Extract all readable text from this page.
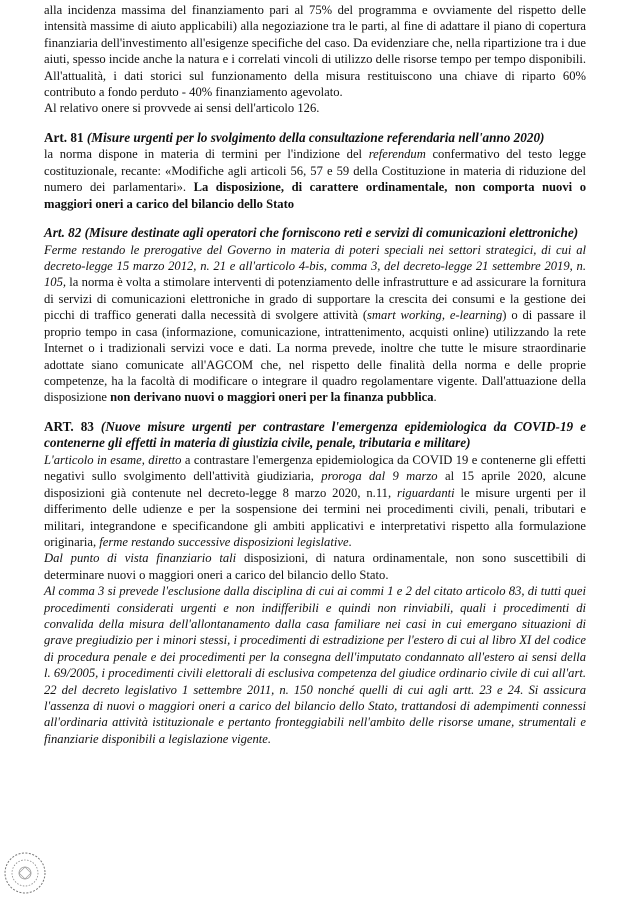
alla incidenza massima del finanziamento pari al 75% del programma e ovviamente del rispetto delle intensità massime di aiuto applicabili) alla negoziazione tra le parti, al fine di adattare il piano di copertura finanziaria dell'investimento all'esigenze specifiche del caso. Da evidenziare che, nella ripartizione tra i due aiuti, spesso incide anche la natura e i correlati vincoli di utilizzo delle risorse tempo per tempo disponibili. All'attualità, i dati storici sul funzionamento della misura restituiscono una chiave di riparto 60% contributo a fondo perduto - 40% finanziamento agevolato.

Al relativo onere si provvede ai sensi dell'articolo 126.

Art. 81 (Misure urgenti per lo svolgimento della consultazione referendaria nell'anno 2020)

la norma dispone in materia di termini per l'indizione del referendum confermativo del testo legge costituzionale, recante: «Modifiche agli articoli 56, 57 e 59 della Costituzione in materia di riduzione del numero dei parlamentari». La disposizione, di carattere ordinamentale, non comporta nuovi o maggiori oneri a carico del bilancio dello Stato

Art. 82 (Misure destinate agli operatori che forniscono reti e servizi di comunicazioni elettroniche)

Ferme restando le prerogative del Governo in materia di poteri speciali nei settori strategici, di cui al decreto-legge 15 marzo 2012, n. 21 e all'articolo 4-bis, comma 3, del decreto-legge 21 settembre 2019, n. 105, la norma è volta a stimolare interventi di potenziamento delle infrastrutture e ad assicurare la fornitura di servizi di comunicazioni elettroniche in grado di supportare la crescita dei consumi e la gestione dei picchi di traffico generati dalla necessità di svolgere attività (smart working, e-learning) o di passare il proprio tempo in casa (informazione, comunicazione, intrattenimento, acquisti online) utilizzando la rete Internet o i tradizionali servizi voce e dati. La norma prevede, inoltre che tutte le misure straordinarie adottate siano comunicate all'AGCOM che, nel rispetto delle finalità della norma e delle proprie competenze, ha la facoltà di modificare o integrare il quadro regolamentare vigente. Dall'attuazione della disposizione non derivano nuovi o maggiori oneri per la finanza pubblica.

ART. 83 (Nuove misure urgenti per contrastare l'emergenza epidemiologica da COVID-19 e contenerne gli effetti in materia di giustizia civile, penale, tributaria e militare)

L'articolo in esame, diretto a contrastare l'emergenza epidemiologica da COVID 19 e contenerne gli effetti negativi sullo svolgimento dell'attività giudiziaria, proroga dal 9 marzo al 15 aprile 2020, alcune disposizioni già contenute nel decreto-legge 8 marzo 2020, n.11, riguardanti le misure urgenti per il differimento delle udienze e per la sospensione dei termini nei procedimenti civili, penali, tributari e militari, integrandone e specificandone gli ambiti applicativi e interpretativi rispetto alla formulazione originaria, ferme restando successive disposizioni legislative.

Dal punto di vista finanziario tali disposizioni, di natura ordinamentale, non sono suscettibili di determinare nuovi o maggiori oneri a carico del bilancio dello Stato.

Al comma 3 si prevede l'esclusione dalla disciplina di cui ai commi 1 e 2 del citato articolo 83, di tutti quei procedimenti considerati urgenti e non indifferibili e quindi non rinviabili, quali i procedimenti di convalida della misura dell'allontanamento dalla casa familiare nei casi in cui emergano situazioni di grave pregiudizio per i minori stessi, i procedimenti di estradizione per l'estero di cui al libro XI del codice di procedura penale e dei procedimenti per la consegna dell'imputato condannato all'estero ai sensi della l. 69/2005, i procedimenti civili elettorali di esclusiva competenza del giudice ordinario civile di cui all'art. 22 del decreto legislativo 1 settembre 2011, n. 150 nonché quelli di cui agli artt. 23 e 24. Si assicura l'assenza di nuovi o maggiori oneri a carico del bilancio dello Stato, trattandosi di adempimenti connessi all'ordinaria attività istituzionale e pertanto fronteggiabili nell'ambito delle risorse umane, strumentali e finanziarie disponibili a legislazione vigente.
